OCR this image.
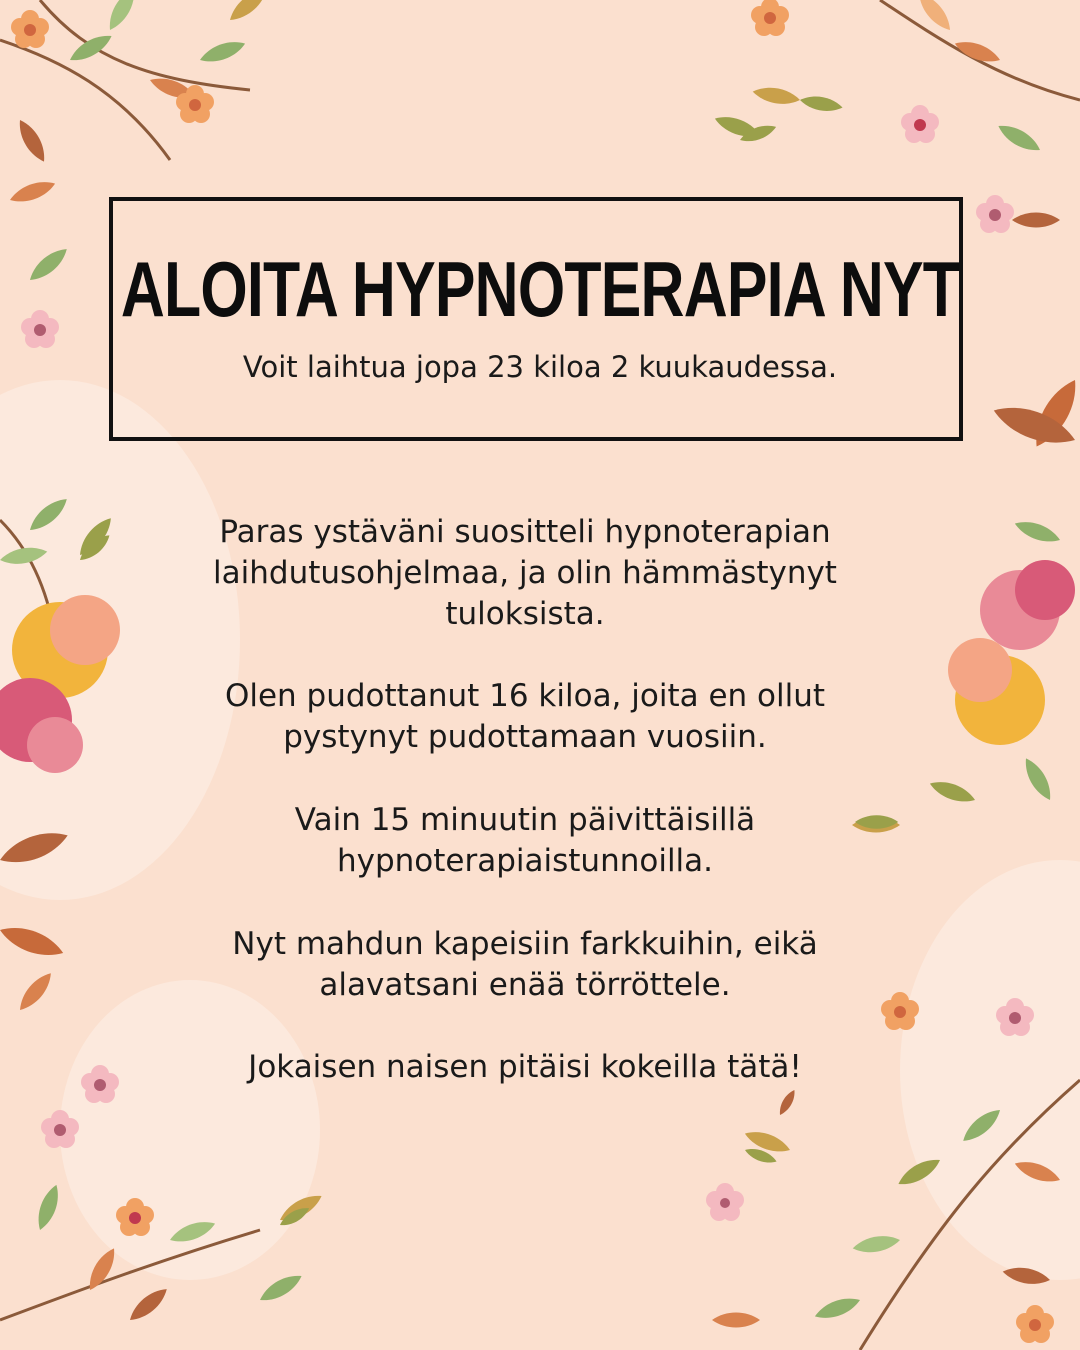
ALOITA HYPNOTERAPIA NYT
Voit laihtua jopa 23 kiloa 2 kuukaudessa.

Paras ystäväni suositteli hypnoterapian laihdutusohjelmaa, ja olin hämmästynyt tuloksista.

Olen pudottanut 16 kiloa, joita en ollut pystynyt pudottamaan vuosiin.

Vain 15 minuutin päivittäisillä hypnoterapiaistunnoilla.

Nyt mahdun kapeisiin farkkuihin, eikä alavatsani enää törröttele.

Jokaisen naisen pitäisi kokeilla tätä!
